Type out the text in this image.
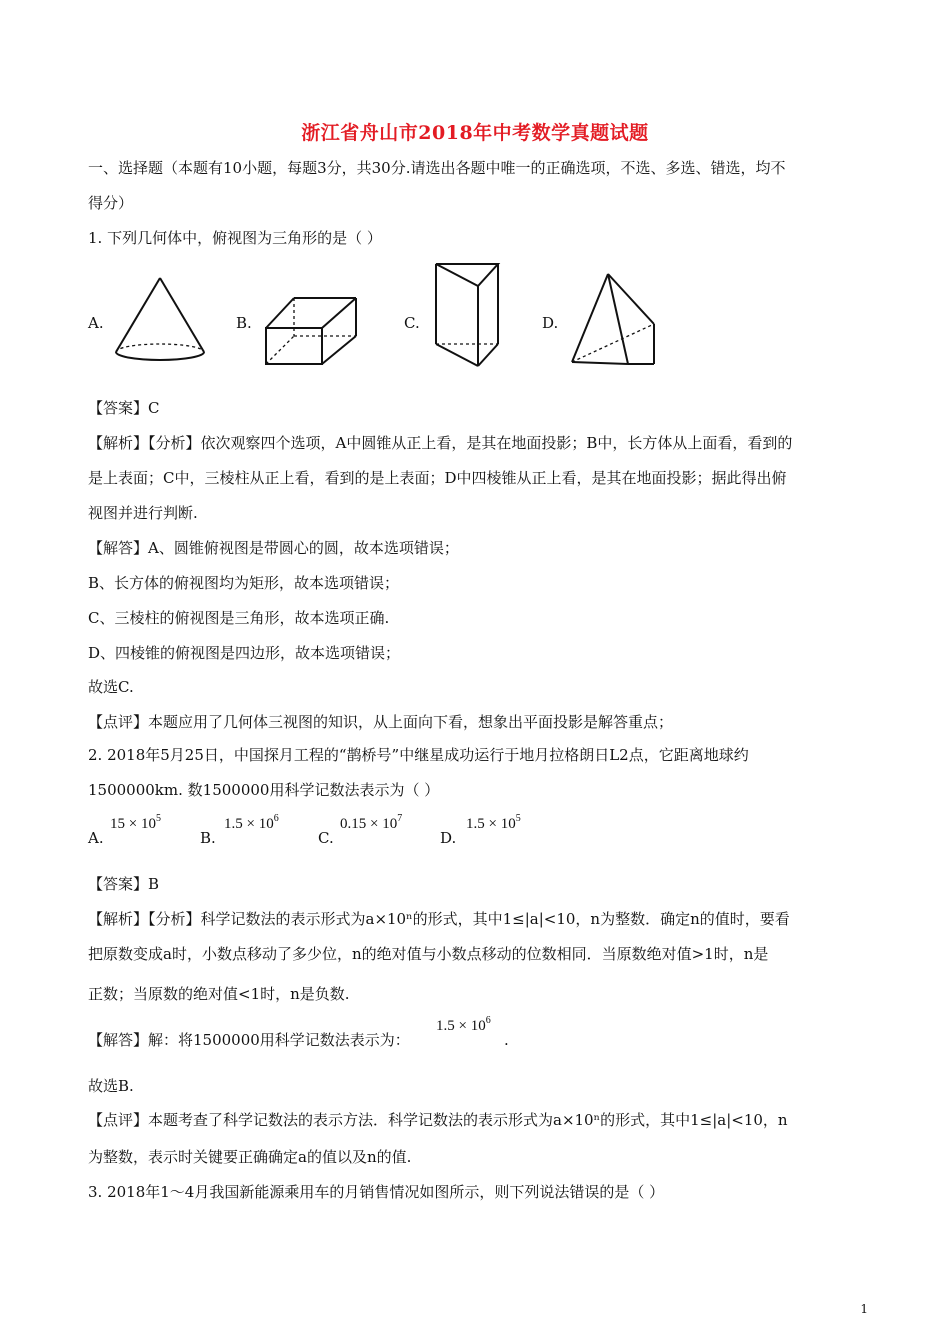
浙江省舟山市2018年中考数学真题试题
一、选择题（本题有10小题，每题3分，共30分.请选出各题中唯一的正确选项，不选、多选、错选，均不
得分）
1. 下列几何体中，俯视图为三角形的是（ ）
A.	B.	C.	D.
【答案】C
【解析】【分析】依次观察四个选项，A中圆锥从正上看，是其在地面投影；B中，长方体从上面看，看到的
是上表面；C中，三棱柱从正上看，看到的是上表面；D中四棱锥从正上看，是其在地面投影；据此得出俯
视图并进行判断.
【解答】A、圆锥俯视图是带圆心的圆，故本选项错误；
B、长方体的俯视图均为矩形，故本选项错误；
C、三棱柱的俯视图是三角形，故本选项正确.
D、四棱锥的俯视图是四边形，故本选项错误；
故选C.
【点评】本题应用了几何体三视图的知识，从上面向下看，想象出平面投影是解答重点；
2. 2018年5月25日，中国探月工程的“鹊桥号”中继星成功运行于地月拉格朗日L2点，它距离地球约
1500000km. 数1500000用科学记数法表示为（ ）
A.
$15 \times 10^5$
B.
$1.5 \times 10^6$
C.
$0.15 \times 10^7$
D.
$1.5 \times 10^5$
【答案】B
【解析】【分析】科学记数法的表示形式为a×10ⁿ的形式，其中1≤|a|<10，n为整数．确定n的值时，要看
把原数变成a时，小数点移动了多少位，n的绝对值与小数点移动的位数相同．当原数绝对值>1时，n是
正数；当原数的绝对值<1时，n是负数.
【解答】解：将1500000用科学记数法表示为：
$1.5 \times 10^6$
.
故选B.
【点评】本题考查了科学记数法的表示方法．科学记数法的表示形式为a×10ⁿ的形式，其中1≤|a|<10，n
为整数，表示时关键要正确确定a的值以及n的值.
3. 2018年1～4月我国新能源乘用车的月销售情况如图所示，则下列说法错误的是（ ）
1
